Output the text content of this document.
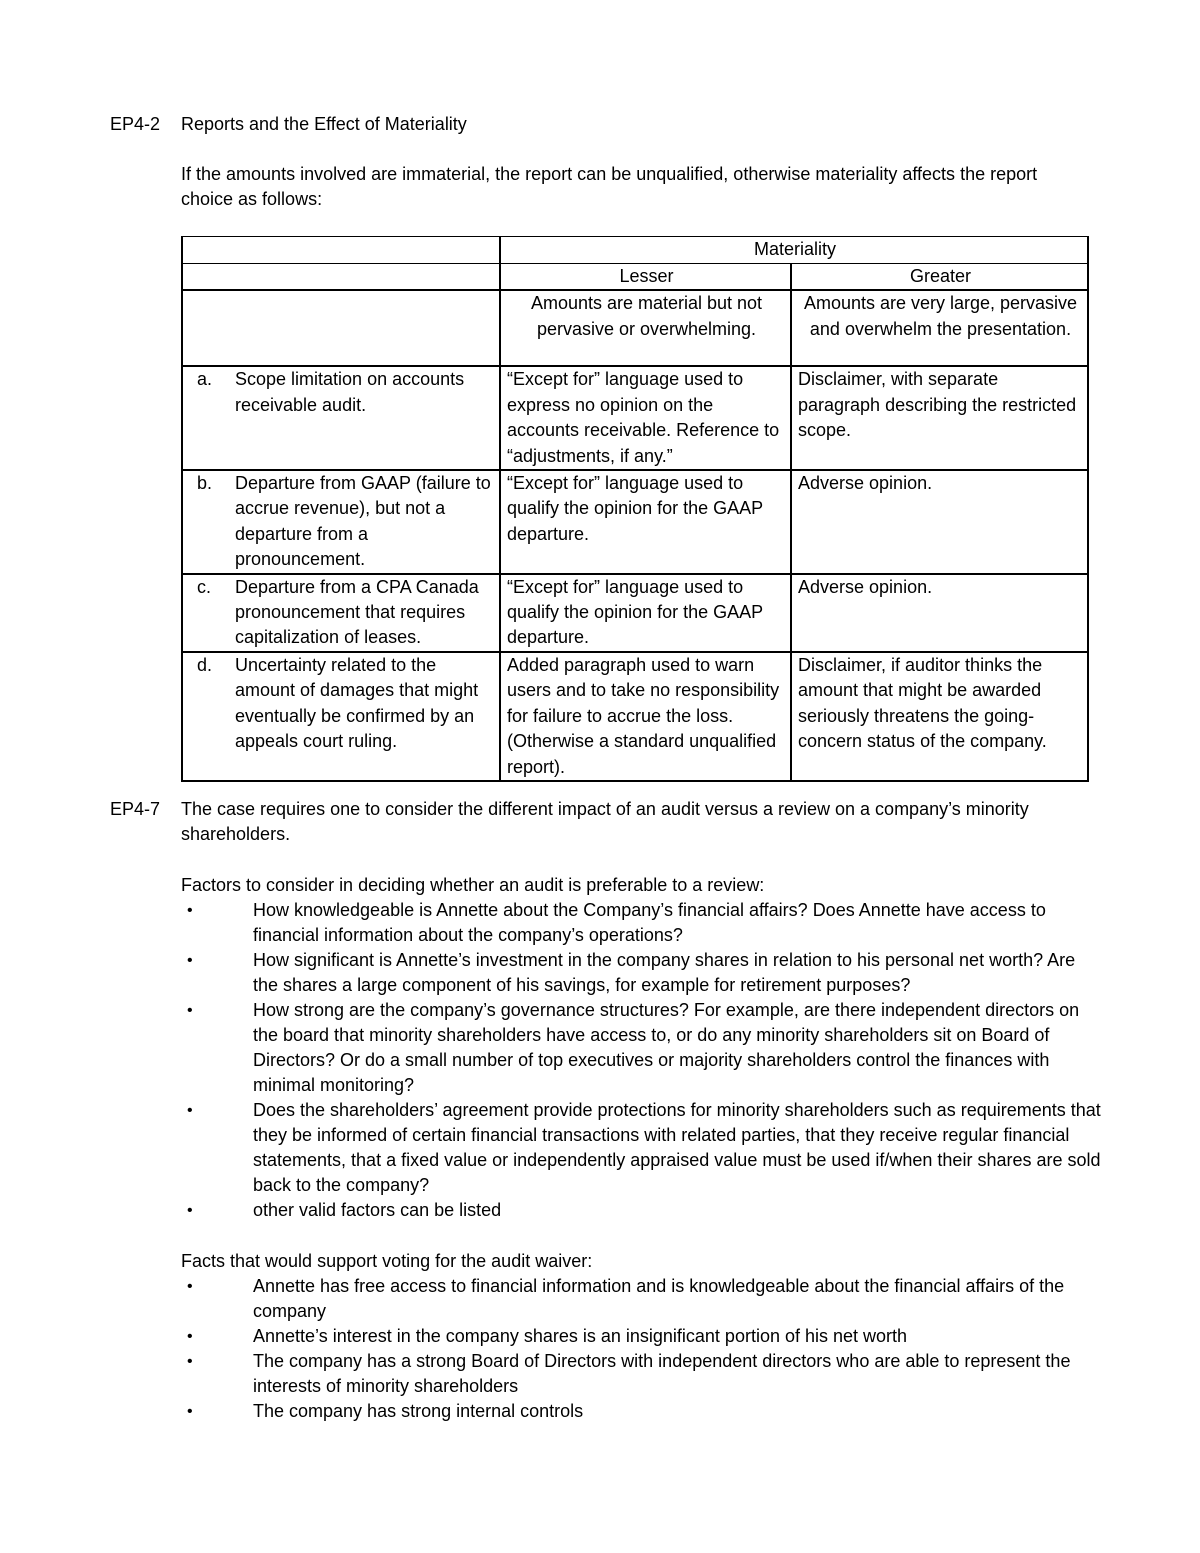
EP4-2 Reports and the Effect of Materiality
If the amounts involved are immaterial, the report can be unqualified, otherwise materiality affects the report choice as follows:
	Materiality	
	Lesser	Greater
	Amounts are material but not pervasive or overwhelming.	Amounts are very large, pervasive and overwhelm the presentation.

a. Scope limitation on accounts receivable audit.	“Except for” language used to express no opinion on the accounts receivable. Reference to “adjustments, if any.”	Disclaimer, with separate paragraph describing the restricted scope.

b. Departure from GAAP (failure to accrue revenue), but not a departure from a pronouncement.	“Except for” language used to qualify the opinion for the GAAP departure.	Adverse opinion.

c. Departure from a CPA Canada pronouncement that requires capitalization of leases.	“Except for” language used to qualify the opinion for the GAAP departure.	Adverse opinion.

d. Uncertainty related to the amount of damages that might eventually be confirmed by an appeals court ruling.	Added paragraph used to warn users and to take no responsibility for failure to accrue the loss. (Otherwise a standard unqualified report).	Disclaimer, if auditor thinks the amount that might be awarded seriously threatens the going-concern status of the company.
EP4-7 The case requires one to consider the different impact of an audit versus a review on a company’s minority shareholders.
Factors to consider in deciding whether an audit is preferable to a review:
•	How knowledgeable is Annette about the Company’s financial affairs? Does Annette have access to financial information about the company’s operations?
•	How significant is Annette’s investment in the company shares in relation to his personal net worth? Are the shares a large component of his savings, for example for retirement purposes?
•	How strong are the company’s governance structures? For example, are there independent directors on the board that minority shareholders have access to, or do any minority shareholders sit on Board of Directors? Or do a small number of top executives or majority shareholders control the finances with minimal monitoring?
•	Does the shareholders’ agreement provide protections for minority shareholders such as requirements that they be informed of certain financial transactions with related parties, that they receive regular financial statements, that a fixed value or independently appraised value must be used if/when their shares are sold back to the company?
•	other valid factors can be listed
Facts that would support voting for the audit waiver:
•	Annette has free access to financial information and is knowledgeable about the financial affairs of the company
•	Annette’s interest in the company shares is an insignificant portion of his net worth
•	The company has a strong Board of Directors with independent directors who are able to represent the interests of minority shareholders
•	The company has strong internal controls
